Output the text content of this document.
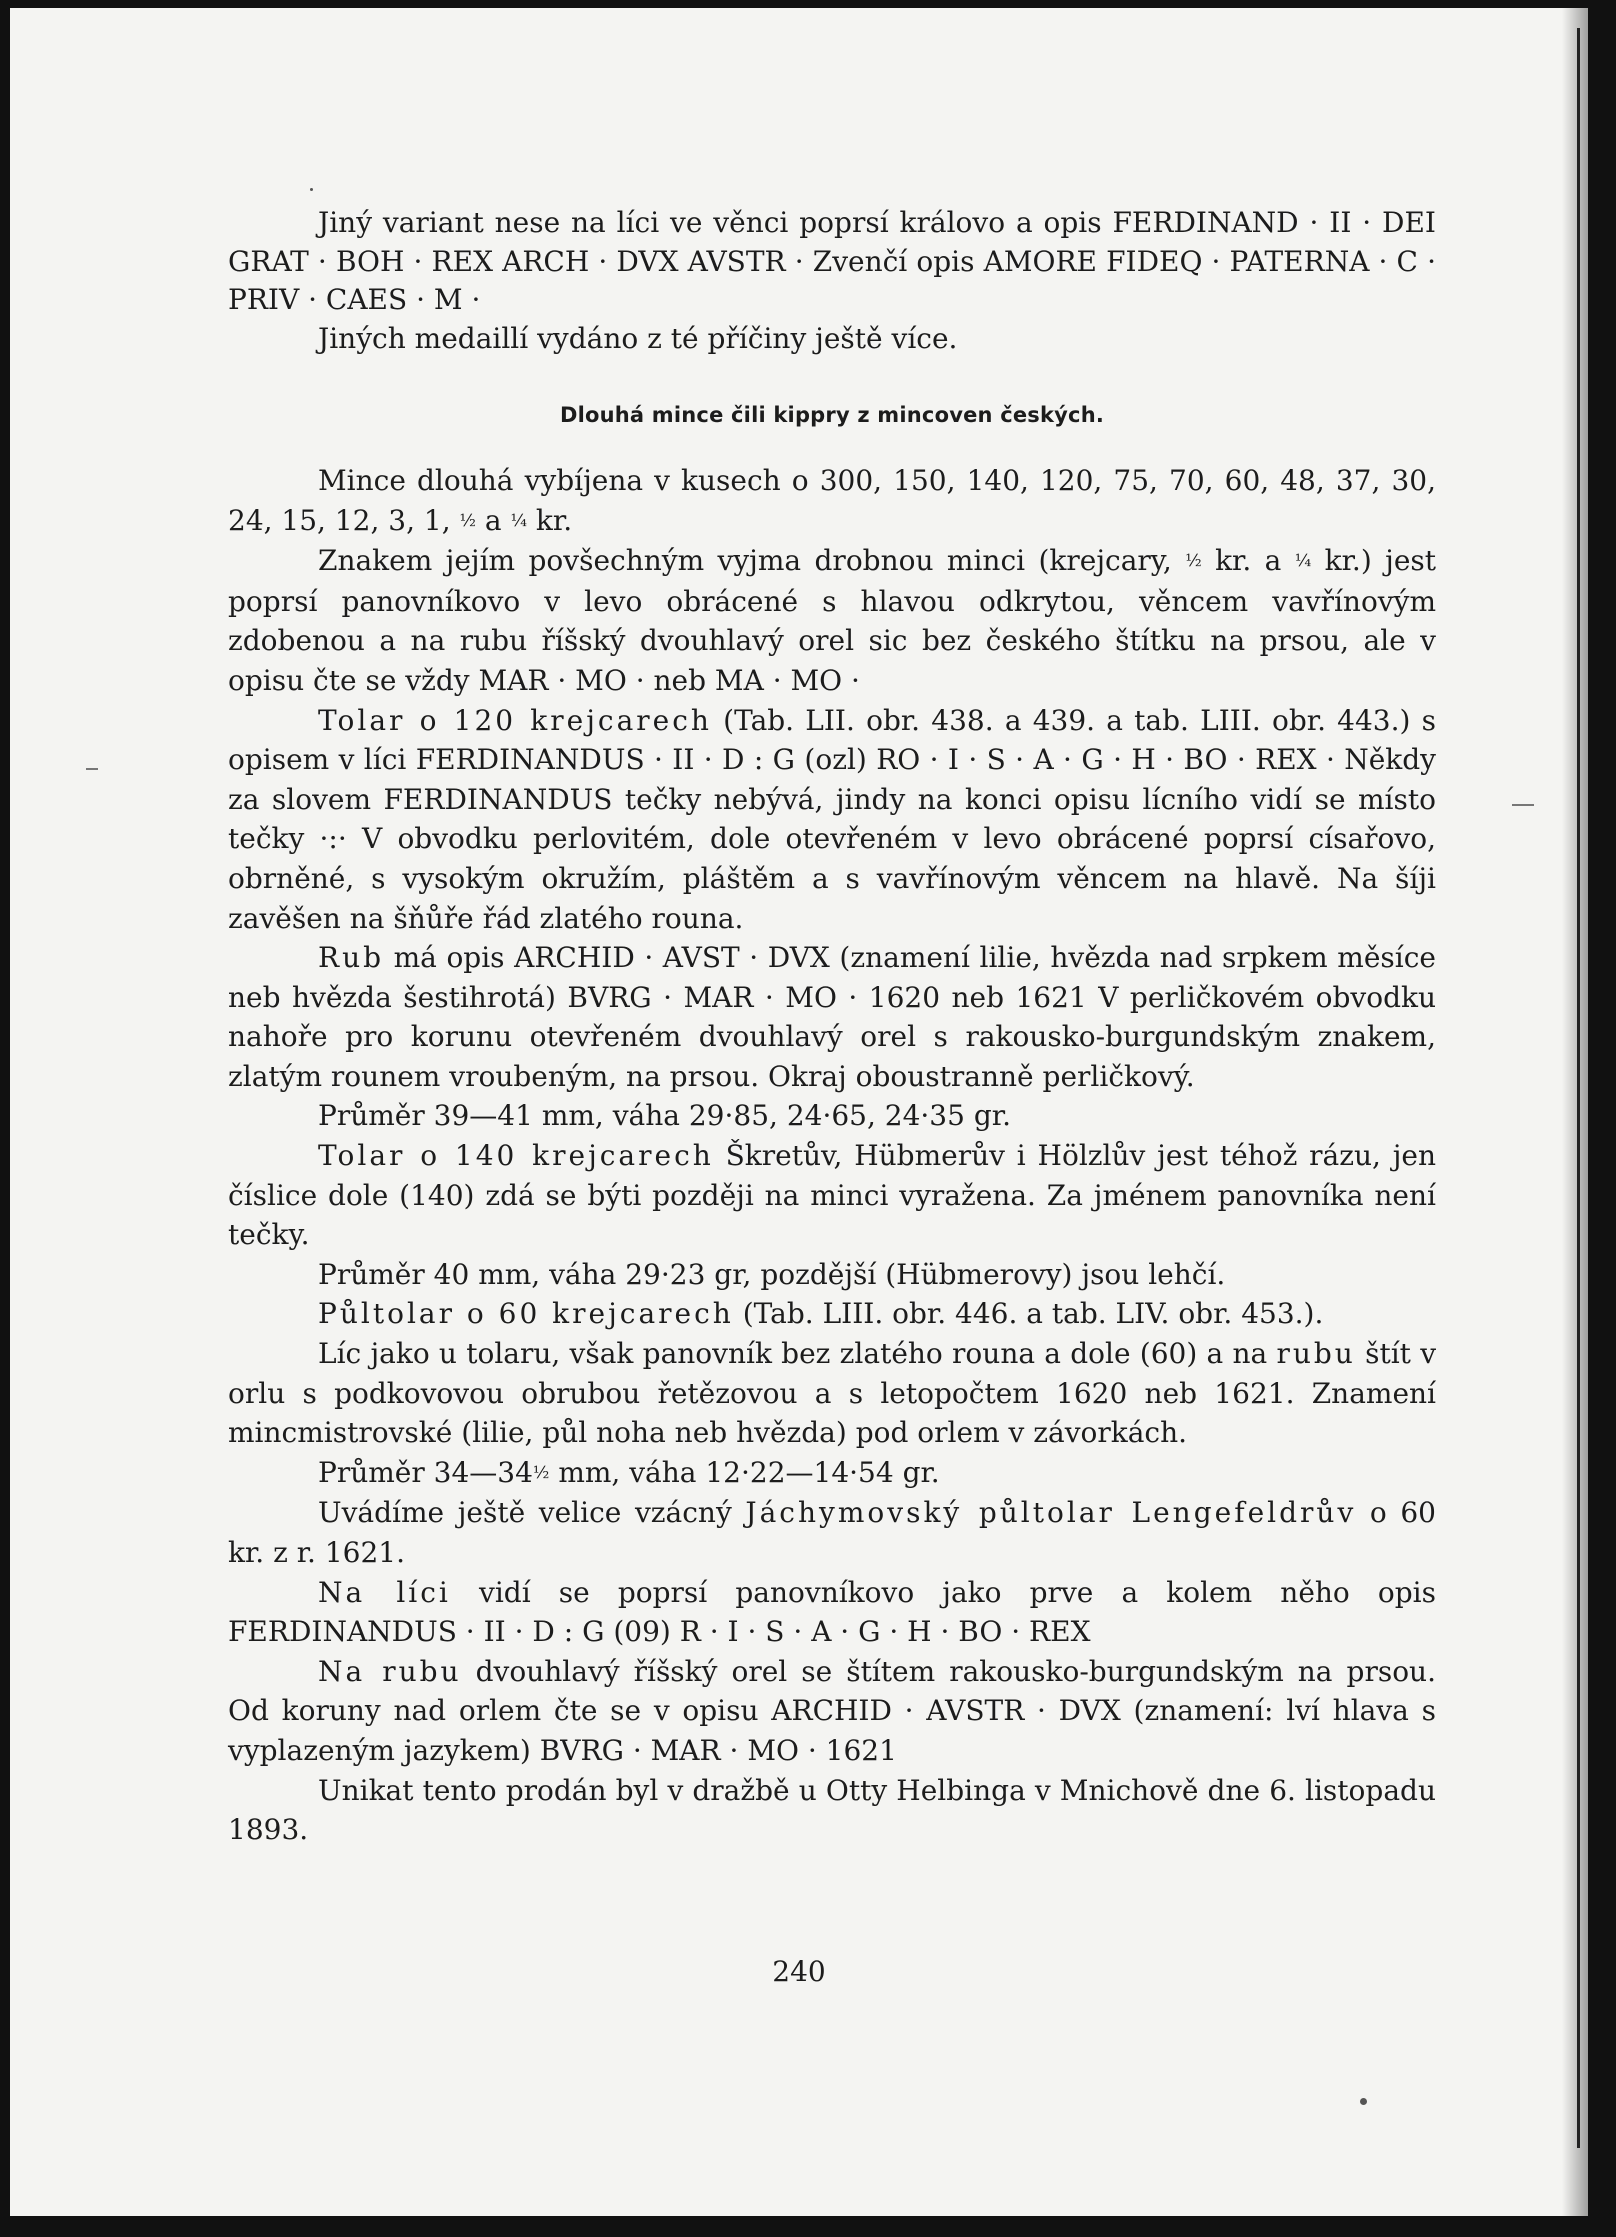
Jiný variant nese na líci ve věnci poprsí královo a opis FERDINAND · II · DEI GRAT · BOH · REX ARCH · DVX AVSTR · Zvenčí opis AMORE FIDEQ · PATERNA · C · PRIV · CAES · M ·

Jiných medaillí vydáno z té příčiny ještě více.

Dlouhá mince čili kippry z mincoven českých.

Mince dlouhá vybíjena v kusech o 300, 150, 140, 120, 75, 70, 60, 48, 37, 30, 24, 15, 12, 3, 1, ½ a ¼ kr.

Znakem jejím povšechným vyjma drobnou minci (krejcary, ½ kr. a ¼ kr.) jest poprsí panovníkovo v levo obrácené s hlavou odkrytou, věncem vavřínovým zdobenou a na rubu říšský dvouhlavý orel sic bez českého štítku na prsou, ale v opisu čte se vždy MAR · MO · neb MA · MO ·

Tolar o 120 krejcarech (Tab. LII. obr. 438. a 439. a tab. LIII. obr. 443.) s opisem v líci FERDINANDUS · II · D : G (ozl) RO · I · S · A · G · H · BO · REX · Někdy za slovem FERDINANDUS tečky nebývá, jindy na konci opisu lícního vidí se místo tečky ·:· V obvodku perlovitém, dole otevřeném v levo obrácené poprsí císařovo, obrněné, s vysokým okružím, pláštěm a s vavřínovým věncem na hlavě. Na šíji zavěšen na šňůře řád zlatého rouna.

Rub má opis ARCHID · AVST · DVX (znamení lilie, hvězda nad srpkem měsíce neb hvězda šestihrotá) BVRG · MAR · MO · 1620 neb 1621 V perličkovém obvodku nahoře pro korunu otevřeném dvouhlavý orel s rakousko-burgundským znakem, zlatým rounem vroubeným, na prsou. Okraj oboustranně perličkový.

Průměr 39—41 mm, váha 29·85, 24·65, 24·35 gr.

Tolar o 140 krejcarech Škretův, Hübmerův i Hölzlův jest téhož rázu, jen číslice dole (140) zdá se býti později na minci vyražena. Za jménem panovníka není tečky.

Průměr 40 mm, váha 29·23 gr, pozdější (Hübmerovy) jsou lehčí.

Půltolar o 60 krejcarech (Tab. LIII. obr. 446. a tab. LIV. obr. 453.).

Líc jako u tolaru, však panovník bez zlatého rouna a dole (60) a na rubu štít v orlu s podkovovou obrubou řetězovou a s letopočtem 1620 neb 1621. Znamení mincmistrovské (lilie, půl noha neb hvězda) pod orlem v závorkách.

Průměr 34—34½ mm, váha 12·22—14·54 gr.

Uvádíme ještě velice vzácný Jáchymovský půltolar Lengefeldrův o 60 kr. z r. 1621.

Na líci vidí se poprsí panovníkovo jako prve a kolem něho opis FERDINANDUS · II · D : G (09) R · I · S · A · G · H · BO · REX

Na rubu dvouhlavý říšský orel se štítem rakousko-burgundským na prsou. Od koruny nad orlem čte se v opisu ARCHID · AVSTR · DVX (znamení: lví hlava s vyplazeným jazykem) BVRG · MAR · MO · 1621

Unikat tento prodán byl v dražbě u Otty Helbinga v Mnichově dne 6. listopadu 1893.

240
